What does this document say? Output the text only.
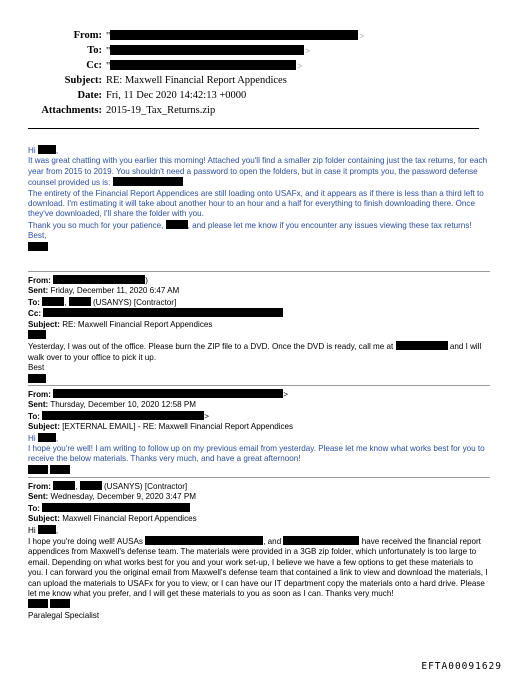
From: "	>
To: "	>
Cc: "	>
Subject: RE: Maxwell Financial Report Appendices
Date: Fri, 11 Dec 2020 14:42:13 +0000
Attachments: 2015-19_Tax_Returns.zip

Hi	,

It was great chatting with you earlier this morning! Attached you'll find a smaller zip folder containing just the tax returns, for each year from 2015 to 2019. You shouldn't need a password to open the folders, but in case it prompts you, the password defense counsel provided us is:

The entirety of the Financial Report Appendices are still loading onto USAFx, and it appears as if there is less than a third left to download. I'm estimating it will take about another hour to an hour and a half for everything to finish downloading there. Once they've downloaded, I'll share the folder with you.

Thank you so much for your patience,	, and please let me know if you encounter any issues viewing these tax returns!

Best,

From:	)

Sent: Friday, December 11, 2020 6:47 AM

To:	,	(USANYS) [Contractor]

Cc:

Subject: RE: Maxwell Financial Report Appendices

Yesterday, I was out of the office. Please burn the ZIP file to a DVD. Once the DVD is ready, call me at	and I will walk over to your office to pick it up.

Best

From:	>

Sent: Thursday, December 10, 2020 12:58 PM

To:	>

Subject: [EXTERNAL EMAIL] - RE: Maxwell Financial Report Appendices

Hi	,

I hope you're well! I am writing to follow up on my previous email from yesterday. Please let me know what works best for you to receive the below materials. Thanks very much, and have a great afternoon!

From:	,	(USANYS) [Contractor]

Sent: Wednesday, December 9, 2020 3:47 PM

To:

Subject: Maxwell Financial Report Appendices

Hi	,

I hope you're doing well! AUSAs	, and	have received the financial report appendices from Maxwell's defense team. The materials were provided in a 3GB zip folder, which unfortunately is too large to email. Depending on what works best for you and your work set-up, I believe we have a few options to get these materials to you. I can forward you the original email from Maxwell's defense team that contained a link to view and download the materials, I can upload the materials to USAFx for you to view, or I can have our IT department copy the materials onto a hard drive. Please let me know what you prefer, and I will get these materials to you as soon as I can. Thanks very much!

Paralegal Specialist

EFTA00091629
